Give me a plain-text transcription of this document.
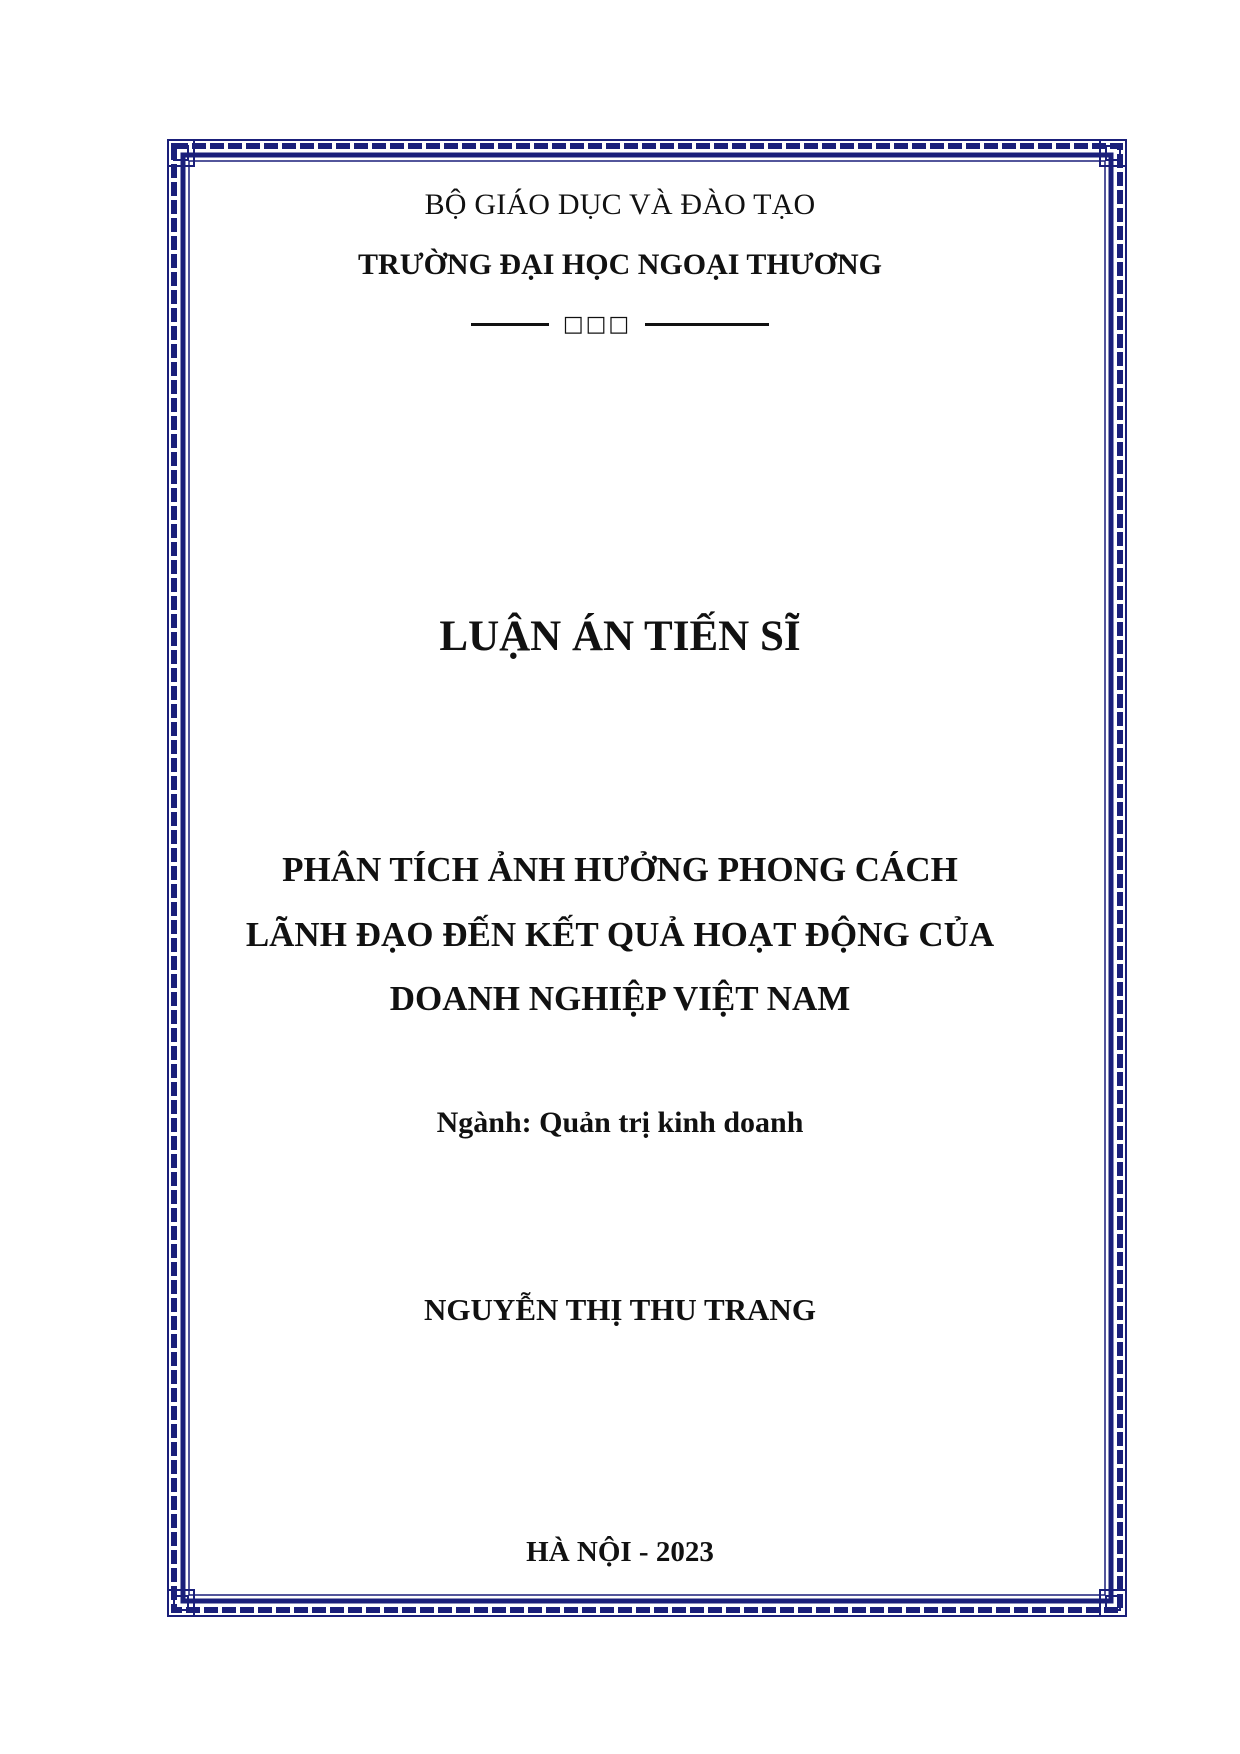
BỘ GIÁO DỤC VÀ ĐÀO TẠO
TRƯỜNG ĐẠI HỌC NGOẠI THƯƠNG
□□□
LUẬN ÁN TIẾN SĨ
PHÂN TÍCH ẢNH HƯỞNG PHONG CÁCH
LÃNH ĐẠO ĐẾN KẾT QUẢ HOẠT ĐỘNG CỦA
DOANH NGHIỆP VIỆT NAM
Ngành: Quản trị kinh doanh
NGUYỄN THỊ THU TRANG
HÀ NỘI - 2023
